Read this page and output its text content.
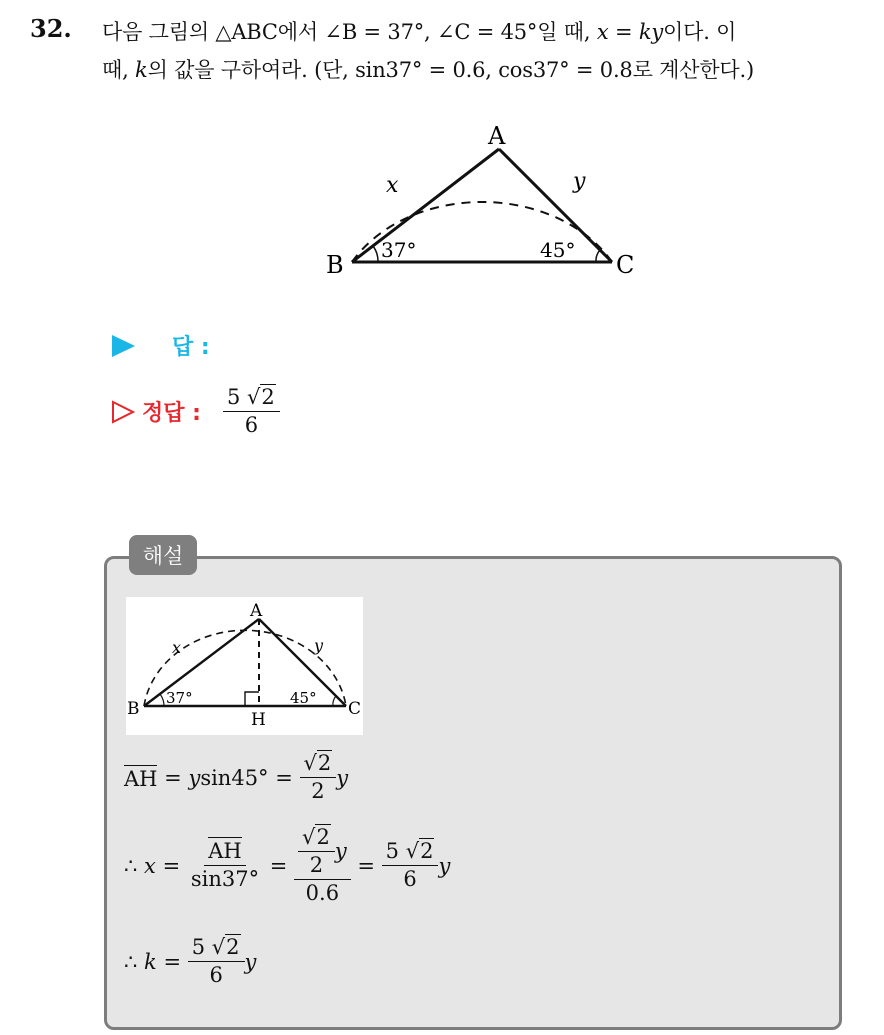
32. 다음 그림의 △ABC에서 ∠B = 37°, ∠C = 45°일 때, x = ky이다. 이
때, k의 값을 구하여라. (단, sin37° = 0.6, cos37° = 0.8로 계산한다.)
A
B	C
x	y
37°	45°
답 :
정답 : $\frac{5 √2}{6}$
해설
A
B	C
H
x	y
37°	45°
AH = y $\sin 45^\circ = \frac{√2}{2}$ y
∴ $x = \frac{AH}{\sin 37^\circ} = \frac{\frac{√2}{2} y}{0.6} = \frac{5 √2}{6}$ y
∴ $k = \frac{5 √2}{6}$ y
